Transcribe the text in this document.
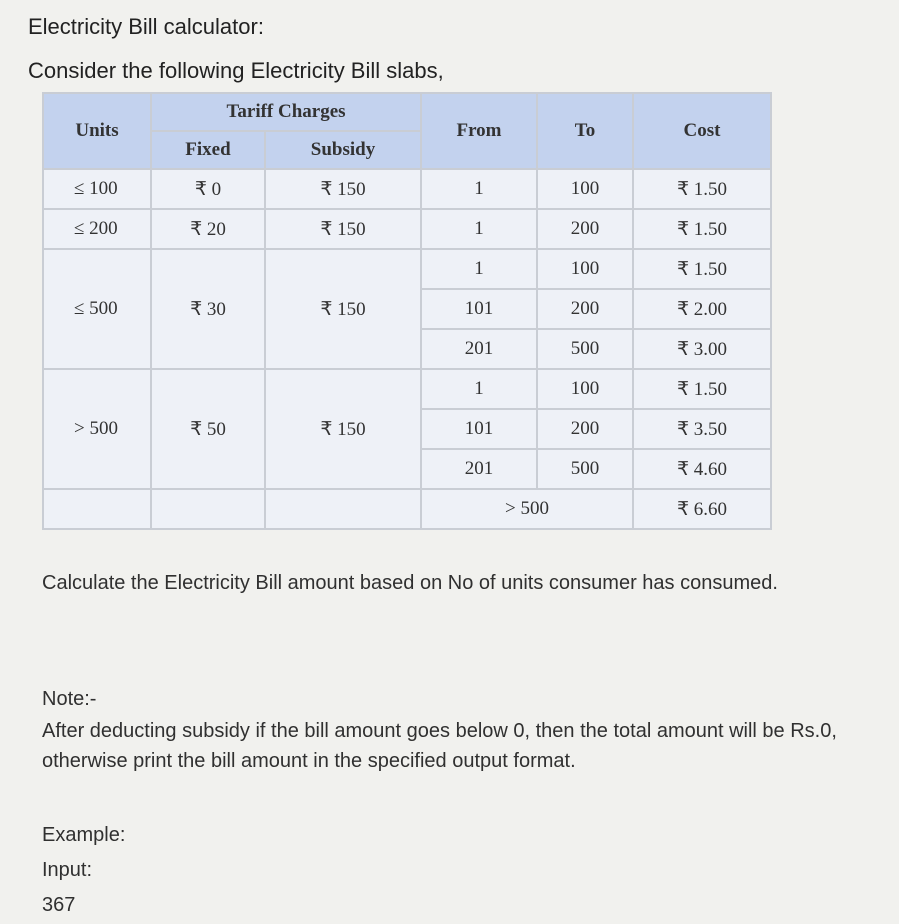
Electricity Bill calculator:
Consider the following Electricity Bill slabs,
Units	Tariff Charges		From	To	Cost
	Fixed	Subsidy			
≤ 100	₹ 0	₹ 150	1	100	₹ 1.50
≤ 200	₹ 20	₹ 150	1	200	₹ 1.50
≤ 500	₹ 30	₹ 150	1	100	₹ 1.50
			101	200	₹ 2.00
			201	500	₹ 3.00
> 500	₹ 50	₹ 150	1	100	₹ 1.50
			101	200	₹ 3.50
			201	500	₹ 4.60
			> 500		₹ 6.60
Calculate the Electricity Bill amount based on No of units consumer has consumed.
Note:-
After deducting subsidy if the bill amount goes below 0, then the total amount will be Rs.0, otherwise print the bill amount in the specified output format.
Example:
Input:
367
